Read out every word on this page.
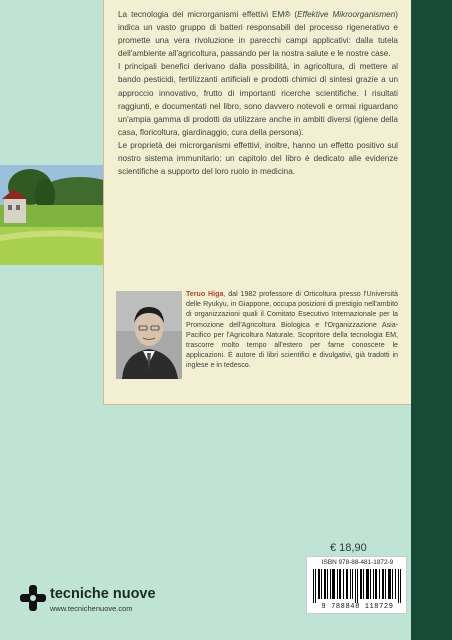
La tecnologia dei microrganismi effettivi EM® (Effektive Mikroorganismen) indica un vasto gruppo di batteri responsabili del processo rigenerativo e promette una vera rivoluzione in parecchi campi applicativi: dalla tutela dell'ambiente all'agricoltura, passando per la nostra salute e le nostre case.

I principali benefici derivano dalla possibilità, in agricoltura, di mettere al bando pesticidi, fertilizzanti artificiali e prodotti chimici di sintesi grazie a un approccio innovativo, frutto di importanti ricerche scientifiche. I risultati raggiunti, e documentati nel libro, sono davvero notevoli e ormai riguardano un'ampia gamma di prodotti da utilizzare anche in ambiti diversi (igiene della casa, floricoltura, giardinaggio, cura della persona).

Le proprietà dei microrganismi effettivi, inoltre, hanno un effetto positivo sul nostro sistema immunitario: un capitolo del libro è dedicato alle evidenze scientifiche a supporto del loro ruolo in medicina.

Teruo Higa, dal 1982 professore di Orticoltura presso l'Università delle Ryukyu, in Giappone, occupa posizioni di prestigio nell'ambito di organizzazioni quali il Comitato Esecutivo Internazionale per la Promozione dell'Agricoltura Biologica e l'Organizzazione Asia-Pacifico per l'Agricoltura Naturale. Scopritore della tecnologia EM, trascorre molto tempo all'estero per farne conoscere le applicazioni. È autore di libri scientifici e divulgativi, già tradotti in inglese e in tedesco.
€ 18,90
ISBN 978-88-481-1872-9
9 788848 118729
tecniche nuove
www.tecnichenuove.com
